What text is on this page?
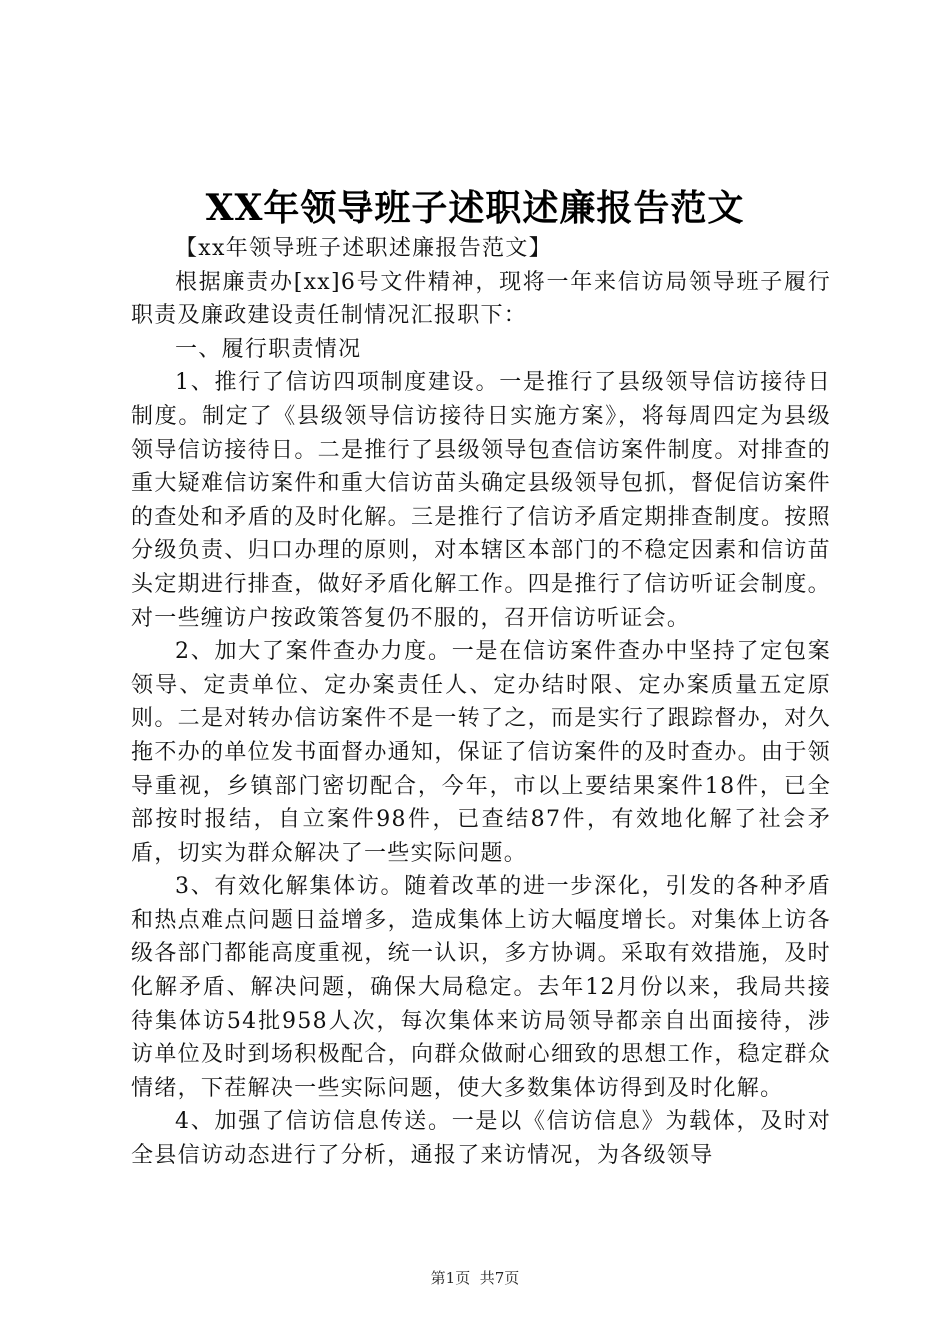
XX年领导班子述职述廉报告范文

【xx年领导班子述职述廉报告范文】

根据廉责办[xx]6号文件精神，现将一年来信访局领导班子履行职责及廉政建设责任制情况汇报职下：

一、履行职责情况

1、推行了信访四项制度建设。一是推行了县级领导信访接待日制度。制定了《县级领导信访接待日实施方案》，将每周四定为县级领导信访接待日。二是推行了县级领导包查信访案件制度。对排查的重大疑难信访案件和重大信访苗头确定县级领导包抓，督促信访案件的查处和矛盾的及时化解。三是推行了信访矛盾定期排查制度。按照分级负责、归口办理的原则，对本辖区本部门的不稳定因素和信访苗头定期进行排查，做好矛盾化解工作。四是推行了信访听证会制度。对一些缠访户按政策答复仍不服的，召开信访听证会。

2、加大了案件查办力度。一是在信访案件查办中坚持了定包案领导、定责单位、定办案责任人、定办结时限、定办案质量五定原则。二是对转办信访案件不是一转了之，而是实行了跟踪督办，对久拖不办的单位发书面督办通知，保证了信访案件的及时查办。由于领导重视，乡镇部门密切配合，今年，市以上要结果案件18件，已全部按时报结，自立案件98件，已查结87件，有效地化解了社会矛盾，切实为群众解决了一些实际问题。

3、有效化解集体访。随着改革的进一步深化，引发的各种矛盾和热点难点问题日益增多，造成集体上访大幅度增长。对集体上访各级各部门都能高度重视，统一认识，多方协调。采取有效措施，及时化解矛盾、解决问题，确保大局稳定。去年12月份以来，我局共接待集体访54批958人次，每次集体来访局领导都亲自出面接待，涉访单位及时到场积极配合，向群众做耐心细致的思想工作，稳定群众情绪，下茬解决一些实际问题，使大多数集体访得到及时化解。

4、加强了信访信息传送。一是以《信访信息》为载体，及时对全县信访动态进行了分析，通报了来访情况，为各级领导

第1页 共7页
